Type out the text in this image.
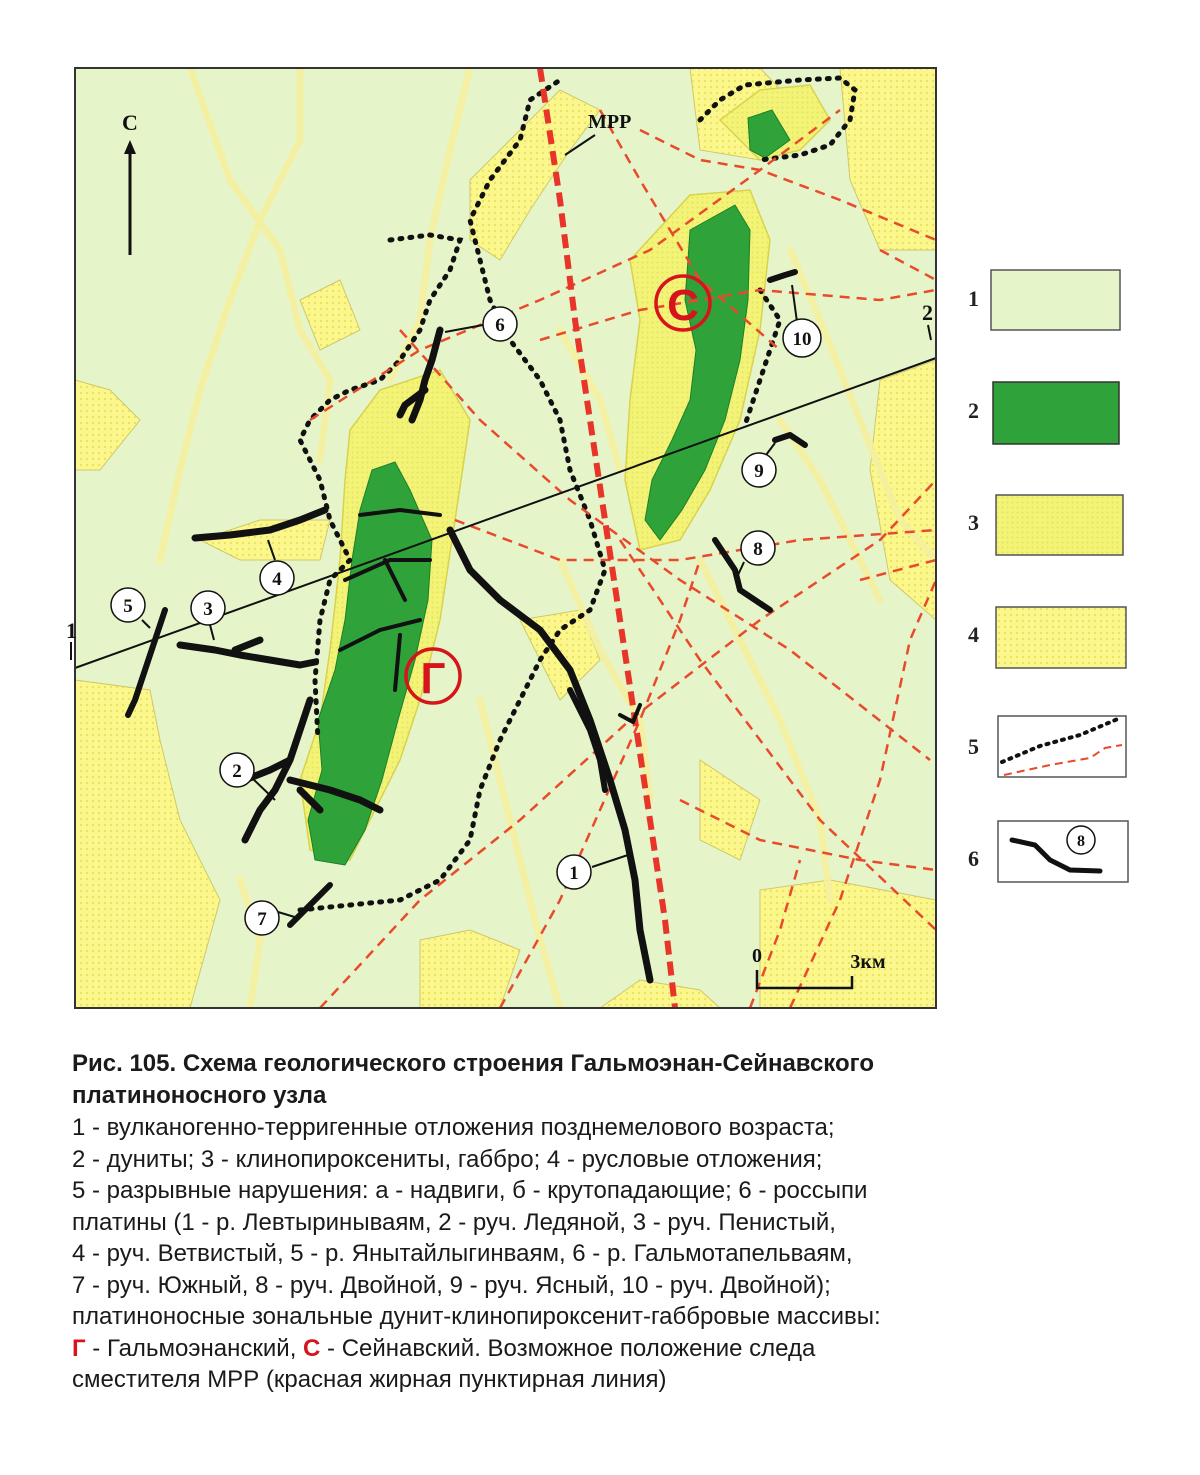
С	МРР
1
2
Г
С
1
2
3
4
5
6
7
8
9
10
0	3км
1
2
3
4
5
6
8

Рис. 105. Схема геологического строения Гальмоэнан-Сейнавского
платиноносного узла

1 - вулканогенно-терригенные отложения позднемелового возраста;
2 - дуниты; 3 - клинопироксениты, габбро; 4 - русловые отложения;
5 - разрывные нарушения: а - надвиги, б - крутопадающие; 6 - россыпи
платины (1 - р. Левтыринываям, 2 - руч. Ледяной, 3 - руч. Пенистый,
4 - руч. Ветвистый, 5 - р. Янытайлыгинваям, 6 - р. Гальмотапельваям,
7 - руч. Южный, 8 - руч. Двойной, 9 - руч. Ясный, 10 - руч. Двойной);
платиноносные зональные дунит-клинопироксенит-габбровые массивы:
Г - Гальмоэнанский, С - Сейнавский. Возможное положение следа
сместителя МРР (красная жирная пунктирная линия)
